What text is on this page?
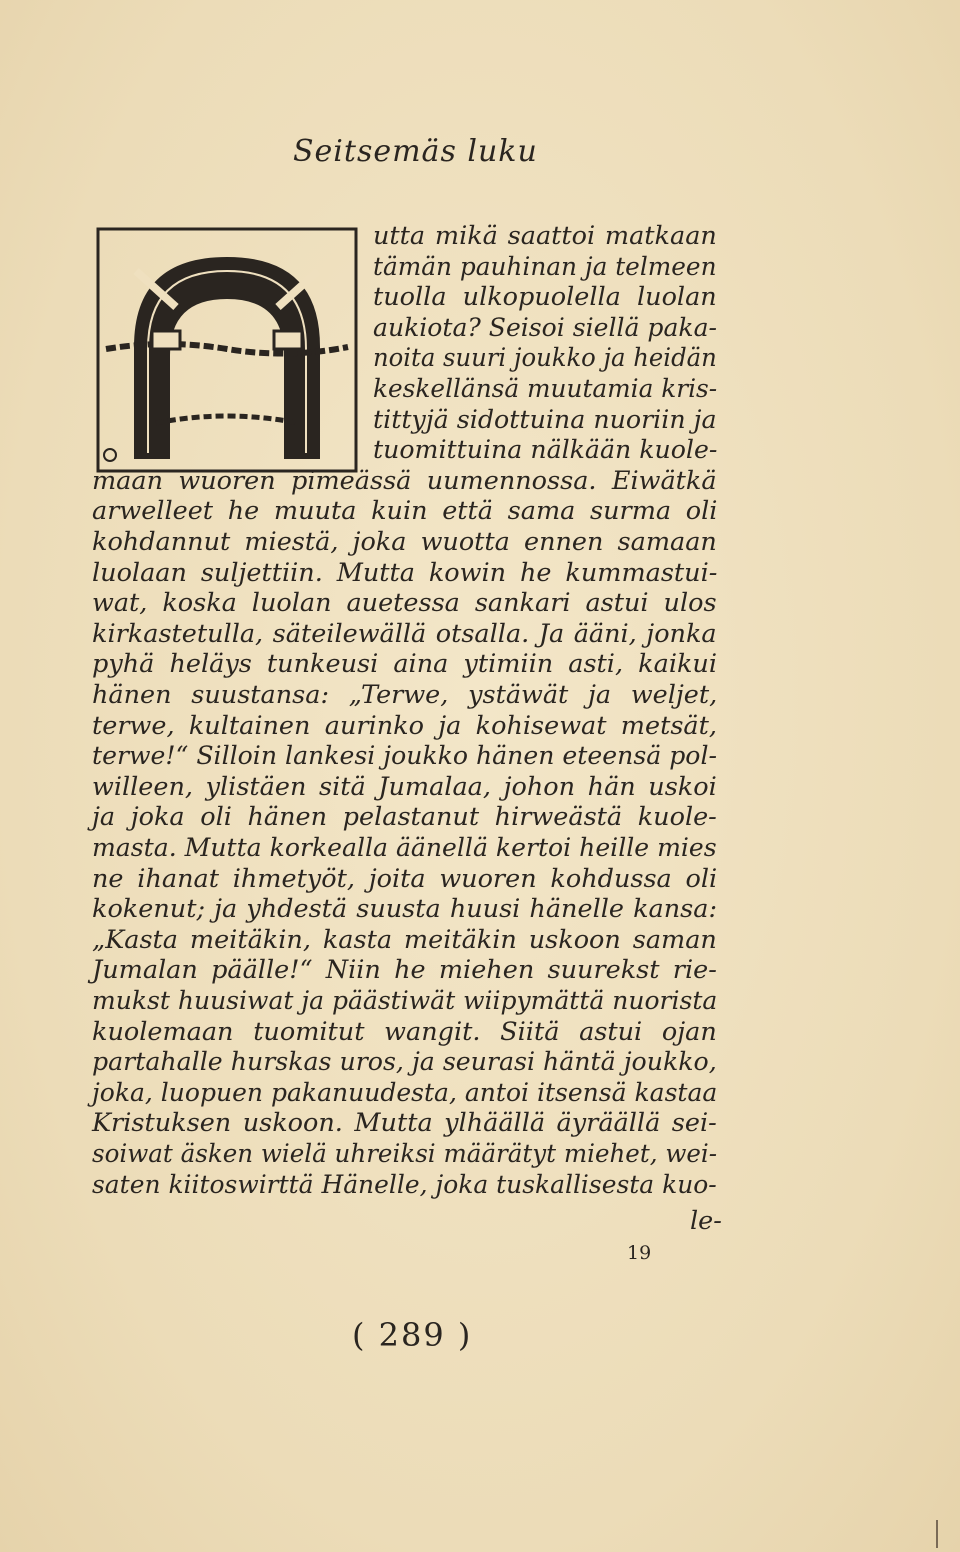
Seitsemäs luku
utta mikä saattoi matkaan
tämän pauhinan ja telmeen
tuolla ulkopuolella luolan
aukiota? Seisoi siellä paka-
noita suuri joukko ja heidän
keskellänsä muutamia kris-
tittyjä sidottuina nuoriin ja
tuomittuina nälkään kuole-
maan wuoren pimeässä uumennossa. Eiwätkä
arwelleet he muuta kuin että sama surma oli
kohdannut miestä, joka wuotta ennen samaan
luolaan suljettiin. Mutta kowin he kummastui-
wat, koska luolan auetessa sankari astui ulos
kirkastetulla, säteilewällä otsalla. Ja ääni, jonka
pyhä heläys tunkeusi aina ytimiin asti, kaikui
hänen suustansa: „Terwe, ystäwät ja weljet,
terwe, kultainen aurinko ja kohisewat metsät,
terwe!“ Silloin lankesi joukko hänen eteensä pol-
willeen, ylistäen sitä Jumalaa, johon hän uskoi
ja joka oli hänen pelastanut hirweästä kuole-
masta. Mutta korkealla äänellä kertoi heille mies
ne ihanat ihmetyöt, joita wuoren kohdussa oli
kokenut; ja yhdestä suusta huusi hänelle kansa:
„Kasta meitäkin, kasta meitäkin uskoon saman
Jumalan päälle!“ Niin he miehen suurekst rie-
mukst huusiwat ja päästiwät wiipymättä nuorista
kuolemaan tuomitut wangit. Siitä astui ojan
partahalle hurskas uros, ja seurasi häntä joukko,
joka, luopuen pakanuudesta, antoi itsensä kastaa
Kristuksen uskoon. Mutta ylhäällä äyräällä sei-
soiwat äsken wielä uhreiksi määrätyt miehet, wei-
saten kiitoswirttä Hänelle, joka tuskallisesta kuo-
le-
19
( 289 )
